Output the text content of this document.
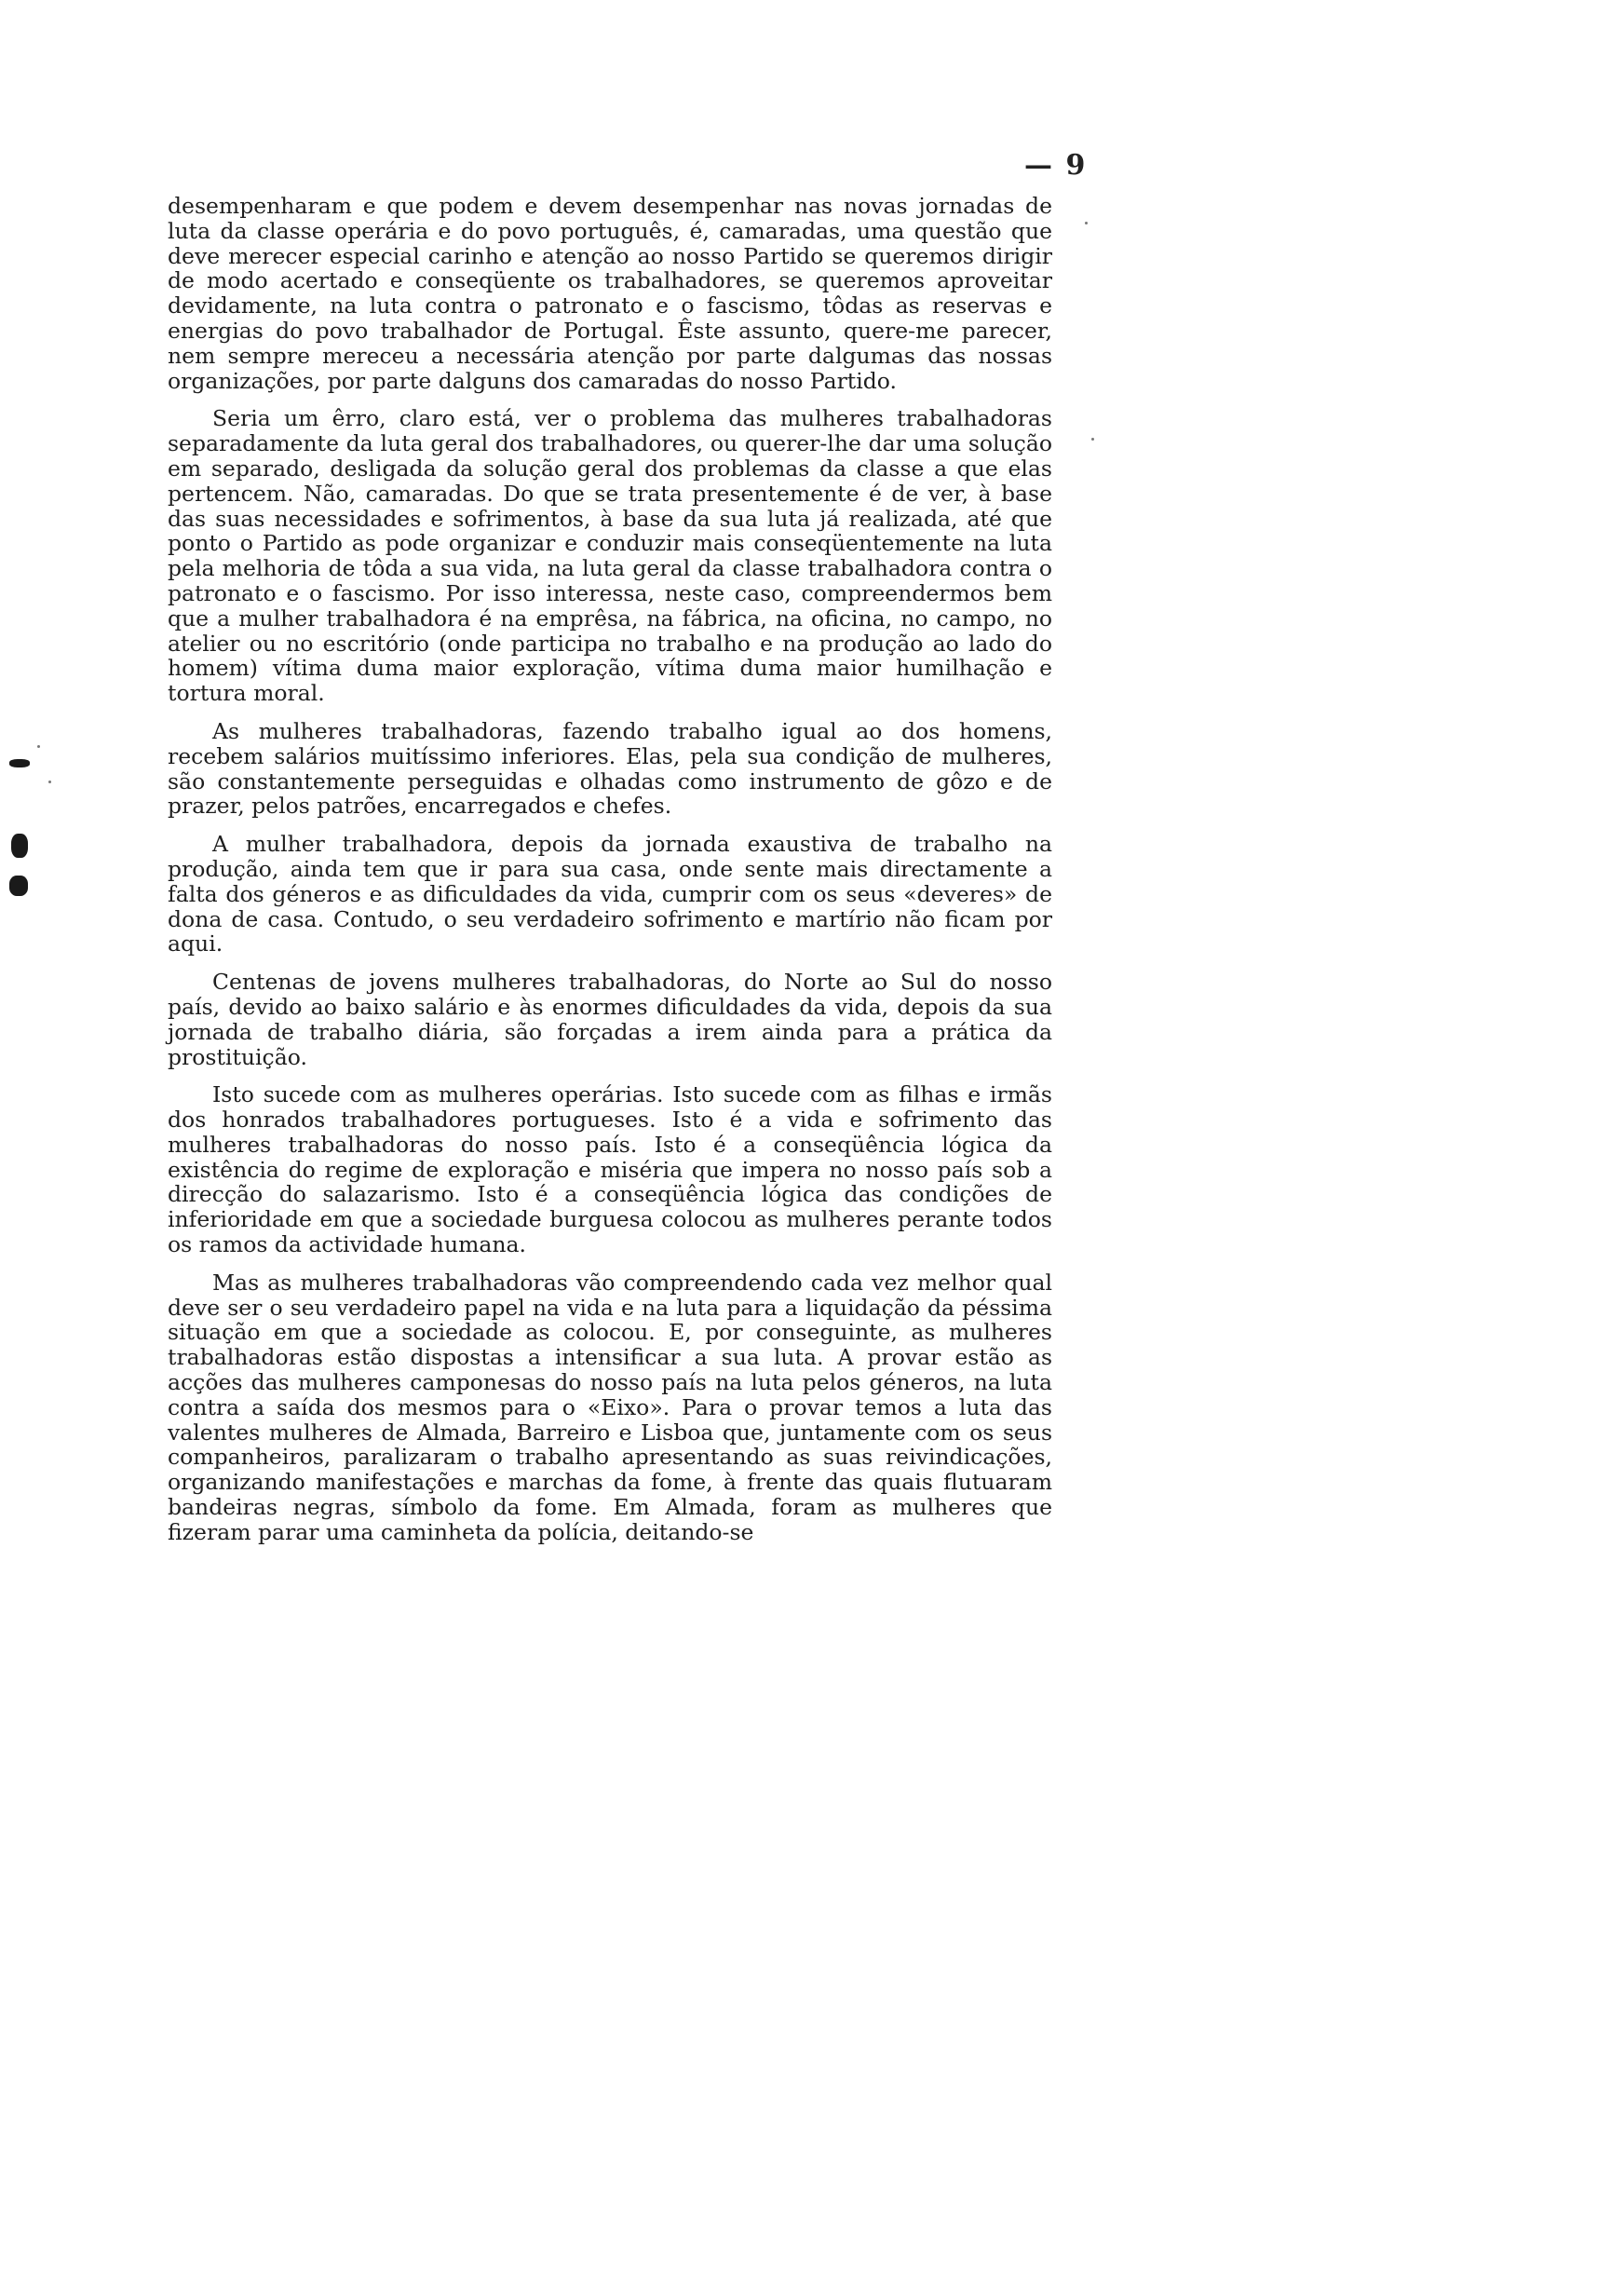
— 9

desempenharam e que podem e devem desempenhar nas novas jornadas de luta da classe operária e do povo português, é, camaradas, uma questão que deve merecer especial carinho e atenção ao nosso Partido se queremos dirigir de modo acertado e conseqüente os trabalhadores, se queremos aproveitar devidamente, na luta contra o patronato e o fascismo, tôdas as reservas e energias do povo trabalhador de Portugal. Êste assunto, quere-me parecer, nem sempre mereceu a necessária atenção por parte dalgumas das nossas organizações, por parte dalguns dos camaradas do nosso Partido.

Seria um êrro, claro está, ver o problema das mulheres trabalhadoras separadamente da luta geral dos trabalhadores, ou querer-lhe dar uma solução em separado, desligada da solução geral dos problemas da classe a que elas pertencem. Não, camaradas. Do que se trata presentemente é de ver, à base das suas necessidades e sofrimentos, à base da sua luta já realizada, até que ponto o Partido as pode organizar e conduzir mais conseqüentemente na luta pela melhoria de tôda a sua vida, na luta geral da classe trabalhadora contra o patronato e o fascismo. Por isso interessa, neste caso, compreendermos bem que a mulher trabalhadora é na emprêsa, na fábrica, na oficina, no campo, no atelier ou no escritório (onde participa no trabalho e na produção ao lado do homem) vítima duma maior exploração, vítima duma maior humilhação e tortura moral.

As mulheres trabalhadoras, fazendo trabalho igual ao dos homens, recebem salários muitíssimo inferiores. Elas, pela sua condição de mulheres, são constantemente perseguidas e olhadas como instrumento de gôzo e de prazer, pelos patrões, encarregados e chefes.

A mulher trabalhadora, depois da jornada exaustiva de trabalho na produção, ainda tem que ir para sua casa, onde sente mais directamente a falta dos géneros e as dificuldades da vida, cumprir com os seus «deveres» de dona de casa. Contudo, o seu verdadeiro sofrimento e martírio não ficam por aqui.

Centenas de jovens mulheres trabalhadoras, do Norte ao Sul do nosso país, devido ao baixo salário e às enormes dificuldades da vida, depois da sua jornada de trabalho diária, são forçadas a irem ainda para a prática da prostituição.

Isto sucede com as mulheres operárias. Isto sucede com as filhas e irmãs dos honrados trabalhadores portugueses. Isto é a vida e sofrimento das mulheres trabalhadoras do nosso país. Isto é a conseqüência lógica da existência do regime de exploração e miséria que impera no nosso país sob a direcção do salazarismo. Isto é a conseqüência lógica das condições de inferioridade em que a sociedade burguesa colocou as mulheres perante todos os ramos da actividade humana.

Mas as mulheres trabalhadoras vão compreendendo cada vez melhor qual deve ser o seu verdadeiro papel na vida e na luta para a liquidação da péssima situação em que a sociedade as colocou. E, por conseguinte, as mulheres trabalhadoras estão dispostas a intensificar a sua luta. A provar estão as acções das mulheres camponesas do nosso país na luta pelos géneros, na luta contra a saída dos mesmos para o «Eixo». Para o provar temos a luta das valentes mulheres de Almada, Barreiro e Lisboa que, juntamente com os seus companheiros, paralizaram o trabalho apresentando as suas reivindicações, organizando manifestações e marchas da fome, à frente das quais flutuaram bandeiras negras, símbolo da fome. Em Almada, foram as mulheres que fizeram parar uma caminheta da polícia, deitando-se
